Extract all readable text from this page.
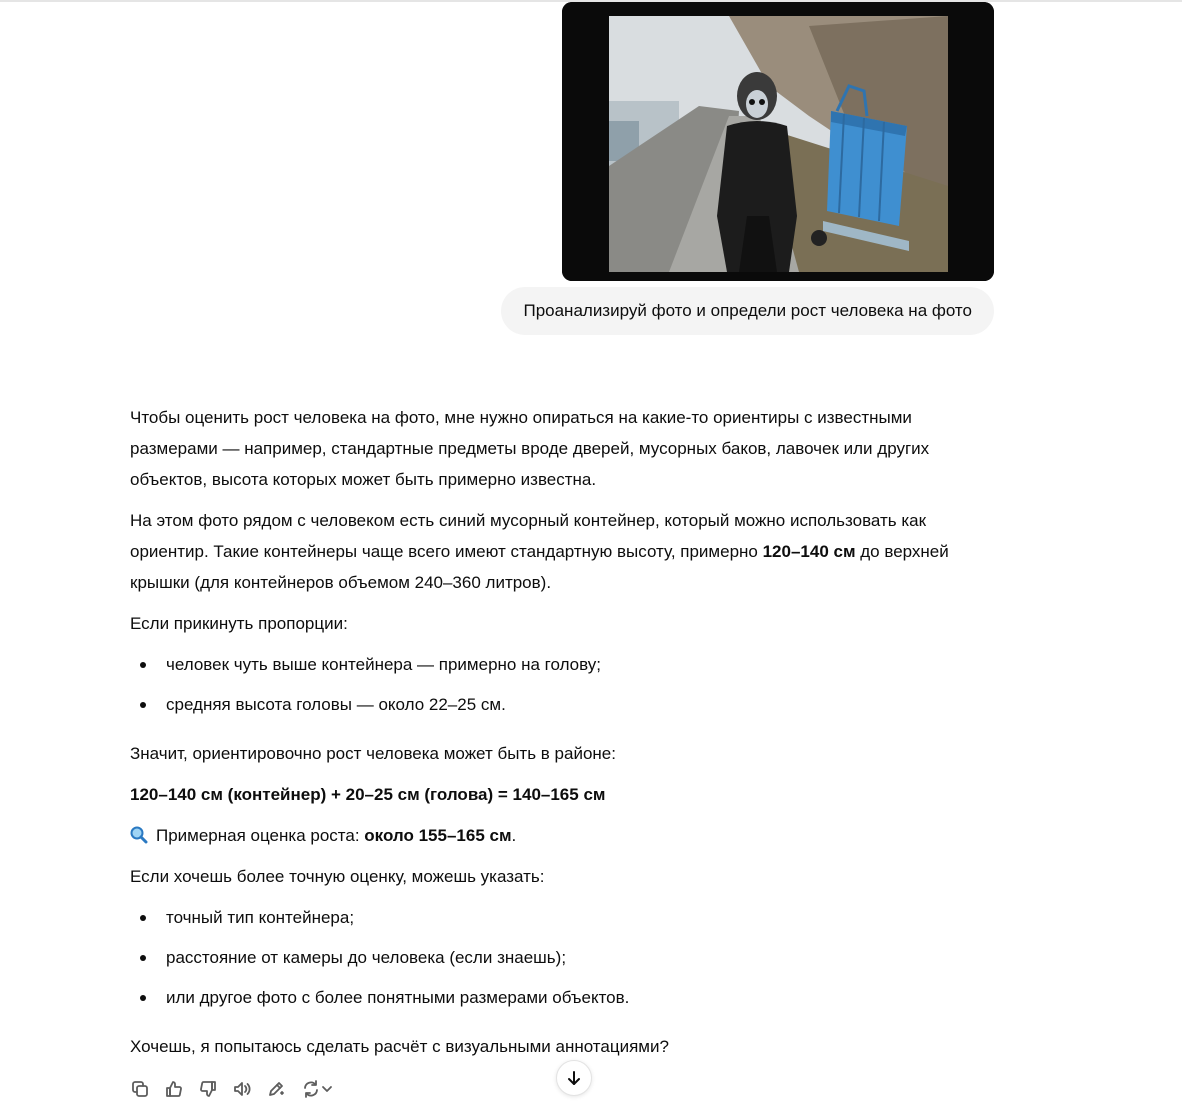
Проанализируй фото и определи рост человека на фото

Чтобы оценить рост человека на фото, мне нужно опираться на какие-то ориентиры с известными размерами — например, стандартные предметы вроде дверей, мусорных баков, лавочек или других объектов, высота которых может быть примерно известна.

На этом фото рядом с человеком есть синий мусорный контейнер, который можно использовать как ориентир. Такие контейнеры чаще всего имеют стандартную высоту, примерно 120–140 см до верхней крышки (для контейнеров объемом 240–360 литров).

Если прикинуть пропорции:

человек чуть выше контейнера — примерно на голову;
средняя высота головы — около 22–25 см.

Значит, ориентировочно рост человека может быть в районе:

120–140 см (контейнер) + 20–25 см (голова) = 140–165 см

Примерная оценка роста: около 155–165 см.

Если хочешь более точную оценку, можешь указать:

точный тип контейнера;
расстояние от камеры до человека (если знаешь);
или другое фото с более понятными размерами объектов.

Хочешь, я попытаюсь сделать расчёт с визуальными аннотациями?
